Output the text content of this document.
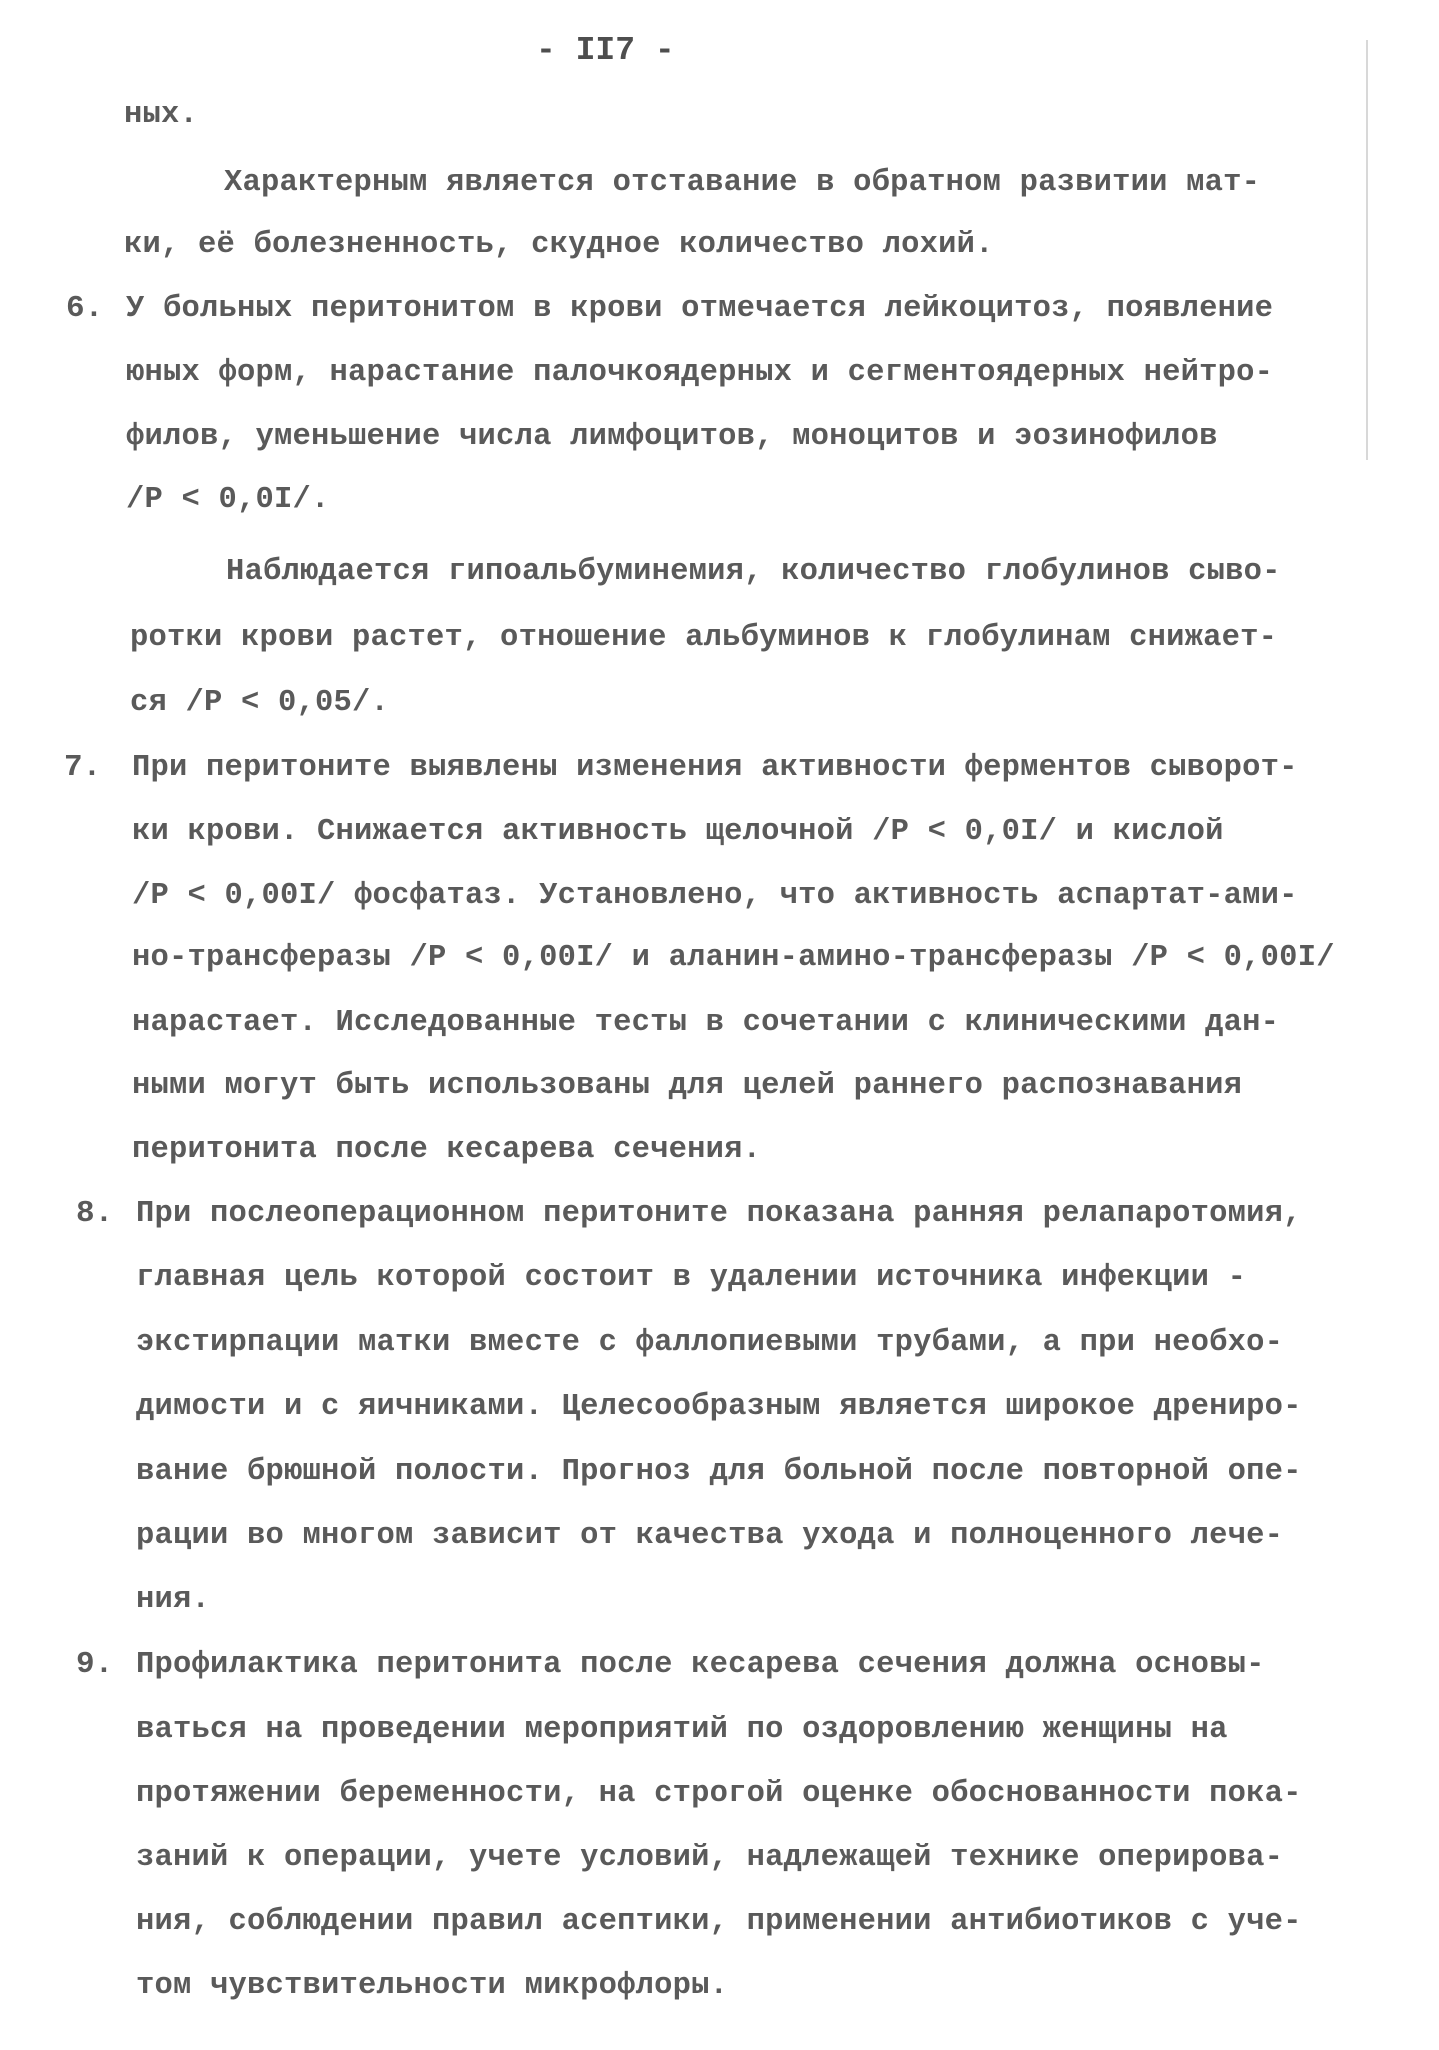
- II7 -
ных.
Характерным является отставание в обратном развитии мат-
ки, её болезненность, скудное количество лохий.
6. У больных перитонитом в крови отмечается лейкоцитоз, появление
юных форм, нарастание палочкоядерных и сегментоядерных нейтро-
филов, уменьшение числа лимфоцитов, моноцитов и эозинофилов
/Р < 0,0I/.
Наблюдается гипоальбуминемия, количество глобулинов сыво-
ротки крови растет, отношение альбуминов к глобулинам снижает-
ся /Р < 0,05/.
7. При перитоните выявлены изменения активности ферментов сыворот-
ки крови. Снижается активность щелочной /Р < 0,0I/ и кислой
/Р < 0,00I/ фосфатаз. Установлено, что активность аспартат-ами-
но-трансферазы /Р < 0,00I/ и аланин-амино-трансферазы /Р < 0,00I/
нарастает. Исследованные тесты в сочетании с клиническими дан-
ными могут быть использованы для целей раннего распознавания
перитонита после кесарева сечения.
8. При послеоперационном перитоните показана ранняя релапаротомия,
главная цель которой состоит в удалении источника инфекции -
экстирпации матки вместе с фаллопиевыми трубами, а при необхо-
димости и с яичниками. Целесообразным является широкое дрениро-
вание брюшной полости. Прогноз для больной после повторной опе-
рации во многом зависит от качества ухода и полноценного лече-
ния.
9. Профилактика перитонита после кесарева сечения должна основы-
ваться на проведении мероприятий по оздоровлению женщины на
протяжении беременности, на строгой оценке обоснованности пока-
заний к операции, учете условий, надлежащей технике оперирова-
ния, соблюдении правил асептики, применении антибиотиков с уче-
том чувствительности микрофлоры.
